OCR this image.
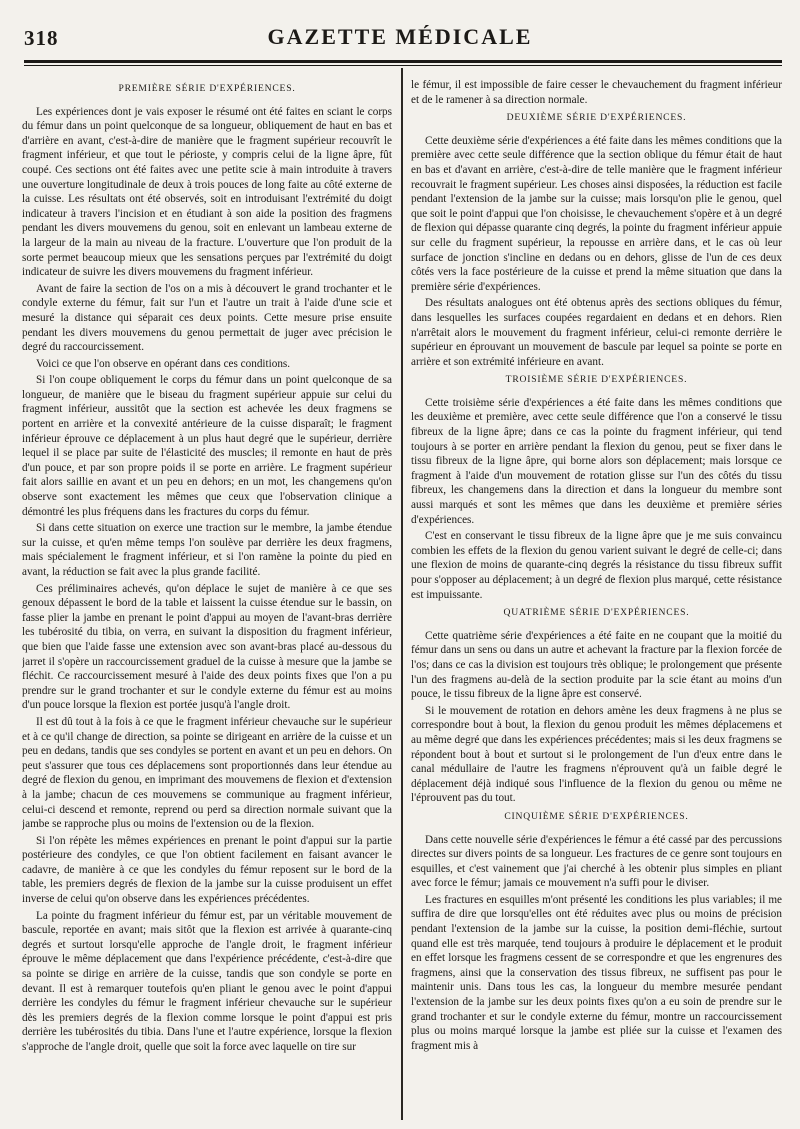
318	GAZETTE MÉDICALE
PREMIÈRE SÉRIE D'EXPÉRIENCES.

Les expériences dont je vais exposer le résumé ont été faites en sciant le corps du fémur dans un point quelconque de sa longueur, obliquement de haut en bas et d'arrière en avant, c'est-à-dire de manière que le fragment supérieur recouvrît le fragment inférieur, et que tout le périoste, y compris celui de la ligne âpre, fût coupé. Ces sections ont été faites avec une petite scie à main introduite à travers une ouverture longitudinale de deux à trois pouces de long faite au côté externe de la cuisse. Les résultats ont été observés, soit en introduisant l'extrémité du doigt indicateur à travers l'incision et en étudiant à son aide la position des fragmens pendant les divers mouvemens du genou, soit en enlevant un lambeau externe de la largeur de la main au niveau de la fracture. L'ouverture que l'on produit de la sorte permet beaucoup mieux que les sensations perçues par l'extrémité du doigt indicateur de suivre les divers mouvemens du fragment inférieur.

Avant de faire la section de l'os on a mis à découvert le grand trochanter et le condyle externe du fémur, fait sur l'un et l'autre un trait à l'aide d'une scie et mesuré la distance qui séparait ces deux points. Cette mesure prise ensuite pendant les divers mouvemens du genou permettait de juger avec précision le degré du raccourcissement.

Voici ce que l'on observe en opérant dans ces conditions.

Si l'on coupe obliquement le corps du fémur dans un point quelconque de sa longueur, de manière que le biseau du fragment supérieur appuie sur celui du fragment inférieur, aussitôt que la section est achevée les deux fragmens se portent en arrière et la convexité antérieure de la cuisse disparaît; le fragment inférieur éprouve ce déplacement à un plus haut degré que le supérieur, derrière lequel il se place par suite de l'élasticité des muscles; il remonte en haut de près d'un pouce, et par son propre poids il se porte en arrière. Le fragment supérieur fait alors saillie en avant et un peu en dehors; en un mot, les changemens qu'on observe sont exactement les mêmes que ceux que l'observation clinique a démontré les plus fréquens dans les fractures du corps du fémur.

Si dans cette situation on exerce une traction sur le membre, la jambe étendue sur la cuisse, et qu'en même temps l'on soulève par derrière les deux fragmens, mais spécialement le fragment inférieur, et si l'on ramène la pointe du pied en avant, la réduction se fait avec la plus grande facilité.

Ces préliminaires achevés, qu'on déplace le sujet de manière à ce que ses genoux dépassent le bord de la table et laissent la cuisse étendue sur le bassin, on fasse plier la jambe en prenant le point d'appui au moyen de l'avant-bras derrière les tubérosité du tibia, on verra, en suivant la disposition du fragment inférieur, que bien que l'aide fasse une extension avec son avant-bras placé au-dessous du jarret il s'opère un raccourcissement graduel de la cuisse à mesure que la jambe se fléchit. Ce raccourcissement mesuré à l'aide des deux points fixes que l'on a pu prendre sur le grand trochanter et sur le condyle externe du fémur est au moins d'un pouce lorsque la flexion est portée jusqu'à l'angle droit.

Il est dû tout à la fois à ce que le fragment inférieur chevauche sur le supérieur et à ce qu'il change de direction, sa pointe se dirigeant en arrière de la cuisse et un peu en dedans, tandis que ses condyles se portent en avant et un peu en dehors. On peut s'assurer que tous ces déplacemens sont proportionnés dans leur étendue au degré de flexion du genou, en imprimant des mouvemens de flexion et d'extension à la jambe; chacun de ces mouvemens se communique au fragment inférieur, celui-ci descend et remonte, reprend ou perd sa direction normale suivant que la jambe se rapproche plus ou moins de l'extension ou de la flexion.

Si l'on répète les mêmes expériences en prenant le point d'appui sur la partie postérieure des condyles, ce que l'on obtient facilement en faisant avancer le cadavre, de manière à ce que les condyles du fémur reposent sur le bord de la table, les premiers degrés de flexion de la jambe sur la cuisse produisent un effet inverse de celui qu'on observe dans les expériences précédentes.

La pointe du fragment inférieur du fémur est, par un véritable mouvement de bascule, reportée en avant; mais sitôt que la flexion est arrivée à quarante-cinq degrés et surtout lorsqu'elle approche de l'angle droit, le fragment inférieur éprouve le même déplacement que dans l'expérience précédente, c'est-à-dire que sa pointe se dirige en arrière de la cuisse, tandis que son condyle se porte en devant. Il est à remarquer toutefois qu'en pliant le genou avec le point d'appui derrière les condyles du fémur le fragment inférieur chevauche sur le supérieur dès les premiers degrés de la flexion comme lorsque le point d'appui est pris derrière les tubérosités du tibia. Dans l'une et l'autre expérience, lorsque la flexion s'approche de l'angle droit, quelle que soit la force avec laquelle on tire sur

le fémur, il est impossible de faire cesser le chevauchement du fragment inférieur et de le ramener à sa direction normale.

DEUXIÈME SÉRIE D'EXPÉRIENCES.

Cette deuxième série d'expériences a été faite dans les mêmes conditions que la première avec cette seule différence que la section oblique du fémur était de haut en bas et d'avant en arrière, c'est-à-dire de telle manière que le fragment inférieur recouvrait le fragment supérieur. Les choses ainsi disposées, la réduction est facile pendant l'extension de la jambe sur la cuisse; mais lorsqu'on plie le genou, quel que soit le point d'appui que l'on choisisse, le chevauchement s'opère et à un degré de flexion qui dépasse quarante cinq degrés, la pointe du fragment inférieur appuie sur celle du fragment supérieur, la repousse en arrière dans, et le cas où leur surface de jonction s'incline en dedans ou en dehors, glisse de l'un de ces deux côtés vers la face postérieure de la cuisse et prend la même situation que dans la première série d'expériences.

Des résultats analogues ont été obtenus après des sections obliques du fémur, dans lesquelles les surfaces coupées regardaient en dedans et en dehors. Rien n'arrêtait alors le mouvement du fragment inférieur, celui-ci remonte derrière le supérieur en éprouvant un mouvement de bascule par lequel sa pointe se porte en arrière et son extrémité inférieure en avant.

TROISIÈME SÉRIE D'EXPÉRIENCES.

Cette troisième série d'expériences a été faite dans les mêmes conditions que les deuxième et première, avec cette seule différence que l'on a conservé le tissu fibreux de la ligne âpre; dans ce cas la pointe du fragment inférieur, qui tend toujours à se porter en arrière pendant la flexion du genou, peut se fixer dans le tissu fibreux de la ligne âpre, qui borne alors son déplacement; mais lorsque ce fragment à l'aide d'un mouvement de rotation glisse sur l'un des côtés du tissu fibreux, les changemens dans la direction et dans la longueur du membre sont aussi marqués et sont les mêmes que dans les deuxième et première séries d'expériences.

C'est en conservant le tissu fibreux de la ligne âpre que je me suis convaincu combien les effets de la flexion du genou varient suivant le degré de celle-ci; dans une flexion de moins de quarante-cinq degrés la résistance du tissu fibreux suffit pour s'opposer au déplacement; à un degré de flexion plus marqué, cette résistance est impuissante.

QUATRIÈME SÉRIE D'EXPÉRIENCES.

Cette quatrième série d'expériences a été faite en ne coupant que la moitié du fémur dans un sens ou dans un autre et achevant la fracture par la flexion forcée de l'os; dans ce cas la division est toujours très oblique; le prolongement que présente l'un des fragmens au-delà de la section produite par la scie étant au moins d'un pouce, le tissu fibreux de la ligne âpre est conservé.

Si le mouvement de rotation en dehors amène les deux fragmens à ne plus se correspondre bout à bout, la flexion du genou produit les mêmes déplacemens et au même degré que dans les expériences précédentes; mais si les deux fragmens se répondent bout à bout et surtout si le prolongement de l'un d'eux entre dans le canal médullaire de l'autre les fragmens n'éprouvent qu'à un faible degré le déplacement déjà indiqué sous l'influence de la flexion du genou ou même ne l'éprouvent pas du tout.

CINQUIÈME SÉRIE D'EXPÉRIENCES.

Dans cette nouvelle série d'expériences le fémur a été cassé par des percussions directes sur divers points de sa longueur. Les fractures de ce genre sont toujours en esquilles, et c'est vainement que j'ai cherché à les obtenir plus simples en pliant avec force le fémur; jamais ce mouvement n'a suffi pour le diviser.

Les fractures en esquilles m'ont présenté les conditions les plus variables; il me suffira de dire que lorsqu'elles ont été réduites avec plus ou moins de précision pendant l'extension de la jambe sur la cuisse, la position demi-fléchie, surtout quand elle est très marquée, tend toujours à produire le déplacement et le produit en effet lorsque les fragmens cessent de se correspondre et que les engrenures des fragmens, ainsi que la conservation des tissus fibreux, ne suffisent pas pour le maintenir unis. Dans tous les cas, la longueur du membre mesurée pendant l'extension de la jambe sur les deux points fixes qu'on a eu soin de prendre sur le grand trochanter et sur le condyle externe du fémur, montre un raccourcissement plus ou moins marqué lorsque la jambe est pliée sur la cuisse et l'examen des fragment mis à
